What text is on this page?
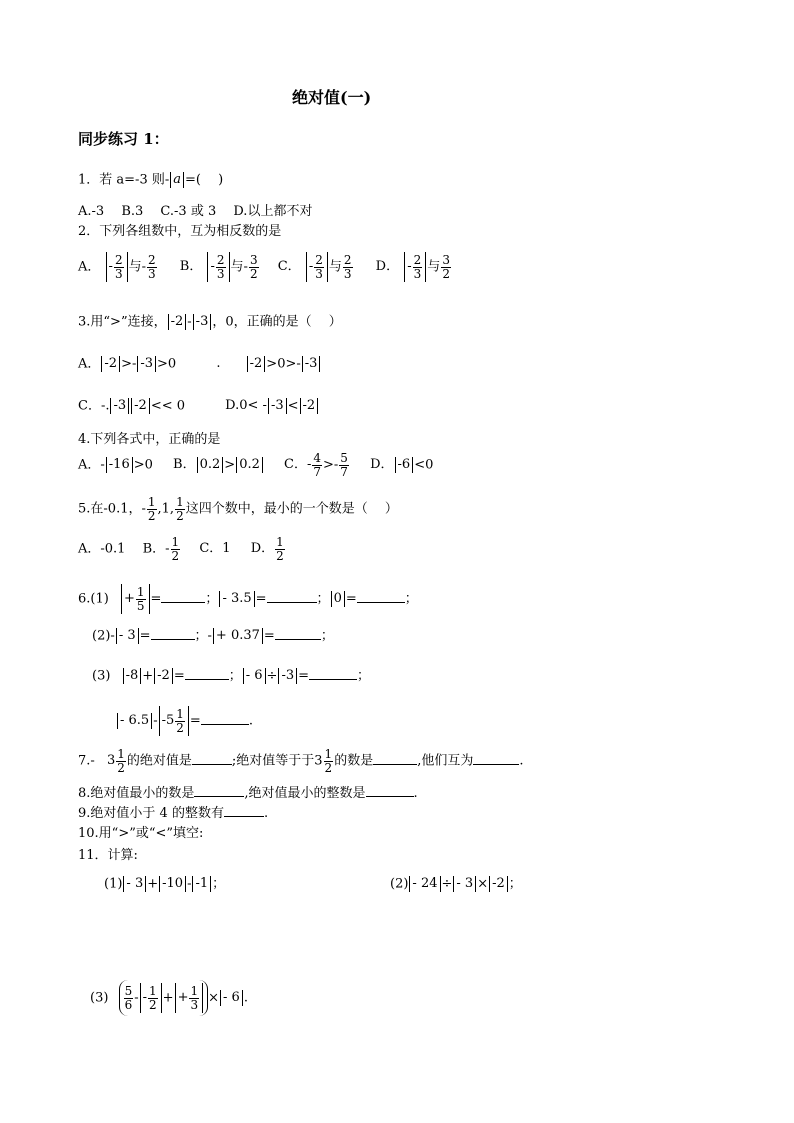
绝对值(一)
同步练习 1：
1．若 a=-3 则- a =(　 )
A.-3　 B.3　 C.-3 或 3　 D.以上都不对
2．下列各组数中，互为相反数的是
A． - $\frac{2}{3}$ 与- $\frac{2}{3}$ B． - $\frac{2}{3}$ 与- $\frac{3}{2}$ C． - $\frac{2}{3}$ 与 $\frac{2}{3}$ D． - $\frac{2}{3}$ 与 $\frac{3}{2}$
3.用“>”连接， -2 - -3 ，0，正确的是（　 ）
A． -2 >- -3 >0	. -2 >0>- -3
C．-. -3 -2 << 0	D.0< - -3 < -2
4.下列各式中，正确的是
A．- -16 >0 B． 0.2 > 0.2 C．- $\frac{4}{7} >- \frac{5}{7}$ D． -6 <0
5.在-0.1，- $\frac{1}{2} ,1$, $\frac{1}{2}$ 这四个数中，最小的一个数是（　 ）
A．-0.1　 B．- $\frac{1}{2}$ C．1 D． $\frac{1}{2}$
$6.(1) + \frac{1}{5}$ =	； - 3.5 =	； 0 =	；
(2)- - 3 =	；- + 0.37 =	；
(3) -8 + -2 =	； - 6 ÷ -3 =	；
- $6.5 - -5 \frac{1}{2}$ =	.
7.- $3 \frac{1}{2}$ 的绝对值是	;绝对值等于于$3 \frac{1}{2}$ 的数是	,他们互为	.
8.绝对值最小的数是	,绝对值最小的整数是	.
9.绝对值小于 4 的整数有	.
10.用“>”或“<”填空:
11．计算:
(1) - 3 + -10 - -1 ；	(2) - 24 ÷ - 3 × -2 ；
$(3) \frac{5}{6}$ - - $\frac{1}{2}$ + + $\frac{1}{3}$ × - 6 .
